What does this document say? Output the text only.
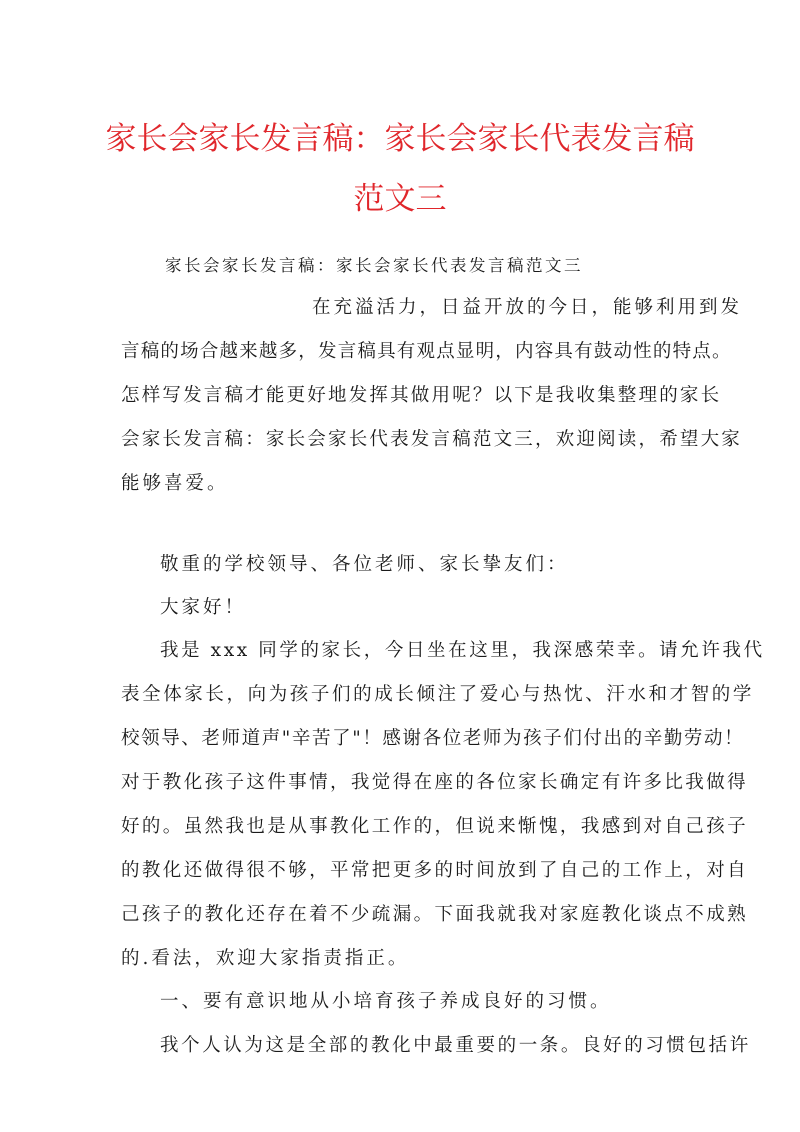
家长会家长发言稿：家长会家长代表发言稿
范文三

家长会家长发言稿：家长会家长代表发言稿范文三

在充溢活力，日益开放的今日，能够利用到发

言稿的场合越来越多，发言稿具有观点显明，内容具有鼓动性的特点。

怎样写发言稿才能更好地发挥其做用呢？以下是我收集整理的家长

会家长发言稿：家长会家长代表发言稿范文三，欢迎阅读，希望大家

能够喜爱。

敬重的学校领导、各位老师、家长挚友们：

大家好！

我是 xxx 同学的家长，今日坐在这里，我深感荣幸。请允许我代

表全体家长，向为孩子们的成长倾注了爱心与热忱、汗水和才智的学

校领导、老师道声"辛苦了"！感谢各位老师为孩子们付出的辛勤劳动！

对于教化孩子这件事情，我觉得在座的各位家长确定有许多比我做得

好的。虽然我也是从事教化工作的，但说来惭愧，我感到对自己孩子

的教化还做得很不够，平常把更多的时间放到了自己的工作上，对自

己孩子的教化还存在着不少疏漏。下面我就我对家庭教化谈点不成熟

的.看法，欢迎大家指责指正。

一、要有意识地从小培育孩子养成良好的习惯。

我个人认为这是全部的教化中最重要的一条。良好的习惯包括许
